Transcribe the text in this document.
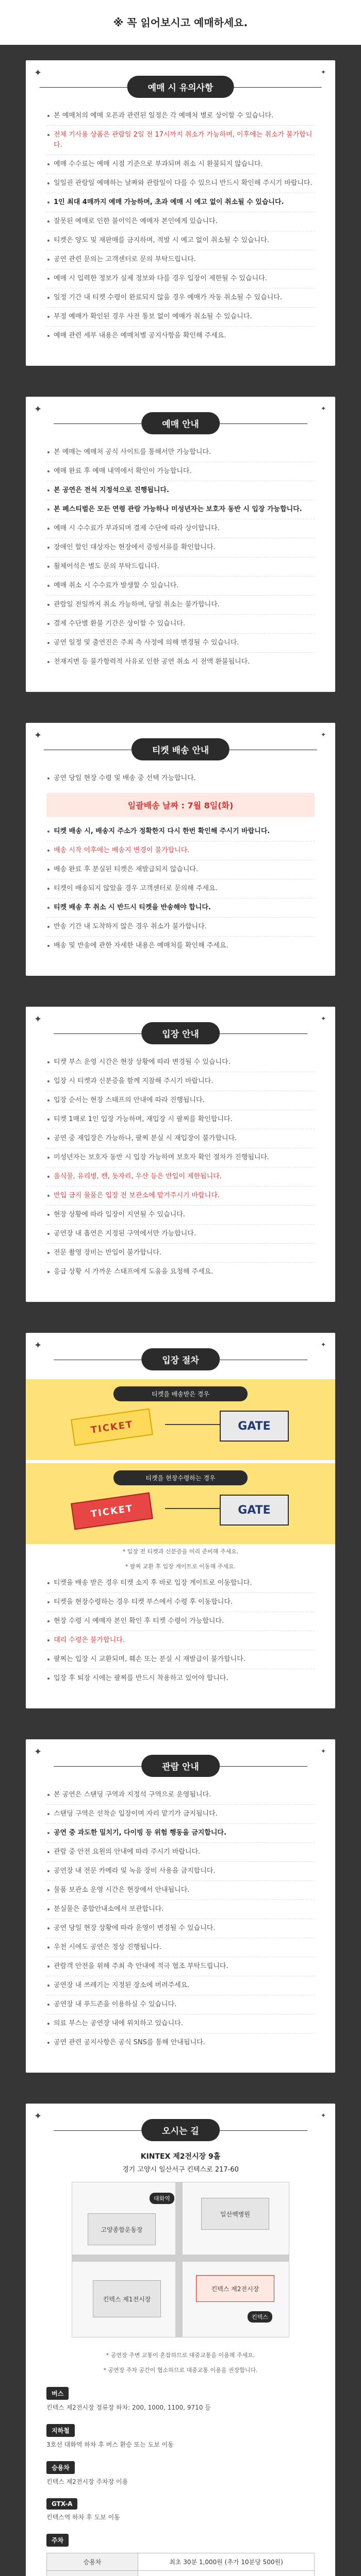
※ 꼭 읽어보시고 예매하세요.
✦	✦
예매 시 유의사항
본 예매처의 예매 오픈과 관련된 일정은 각 예매처 별로 상이할 수 있습니다.
전체 기사용 상품은 관람일 2일 전 17시까지 취소가 가능하며, 이후에는 취소가 불가합니다.
예매 수수료는 예매 시점 기준으로 부과되며 취소 시 환불되지 않습니다.
일일권 관람일 예매하는 날짜와 관람일이 다를 수 있으니 반드시 확인해 주시기 바랍니다.
1인 최대 4매까지 예매 가능하며, 초과 예매 시 예고 없이 취소될 수 있습니다.
잘못된 예매로 인한 불이익은 예매자 본인에게 있습니다.
티켓은 양도 및 재판매를 금지하며, 적발 시 예고 없이 취소될 수 있습니다.
공연 관련 문의는 고객센터로 문의 부탁드립니다.
예매 시 입력한 정보가 실제 정보와 다를 경우 입장이 제한될 수 있습니다.
일정 기간 내 티켓 수령이 완료되지 않을 경우 예매가 자동 취소될 수 있습니다.
부정 예매가 확인된 경우 사전 통보 없이 예매가 취소될 수 있습니다.
예매 관련 세부 내용은 예매처별 공지사항을 확인해 주세요.
✦	✦
예매 안내
본 예매는 예매처 공식 사이트를 통해서만 가능합니다.
예매 완료 후 예매 내역에서 확인이 가능합니다.
본 공연은 전석 지정석으로 진행됩니다.
본 페스티벌은 모든 연령 관람 가능하나 미성년자는 보호자 동반 시 입장 가능합니다.
예매 시 수수료가 부과되며 결제 수단에 따라 상이합니다.
장애인 할인 대상자는 현장에서 증빙서류를 확인합니다.
휠체어석은 별도 문의 부탁드립니다.
예매 취소 시 수수료가 발생할 수 있습니다.
관람일 전일까지 취소 가능하며, 당일 취소는 불가합니다.
결제 수단별 환불 기간은 상이할 수 있습니다.
공연 일정 및 출연진은 주최 측 사정에 의해 변경될 수 있습니다.
천재지변 등 불가항력적 사유로 인한 공연 취소 시 전액 환불됩니다.
✦	✦
티켓 배송 안내
공연 당일 현장 수령 및 배송 중 선택 가능합니다.
일괄배송 날짜 : 7월 8일(화)
티켓 배송 시, 배송지 주소가 정확한지 다시 한번 확인해 주시기 바랍니다.
배송 시작 이후에는 배송지 변경이 불가합니다.
배송 완료 후 분실된 티켓은 재발급되지 않습니다.
티켓이 배송되지 않았을 경우 고객센터로 문의해 주세요.
티켓 배송 후 취소 시 반드시 티켓을 반송해야 합니다.
반송 기간 내 도착하지 않은 경우 취소가 불가합니다.
배송 및 반송에 관한 자세한 내용은 예매처를 확인해 주세요.
✦	✦
입장 안내
티켓 부스 운영 시간은 현장 상황에 따라 변경될 수 있습니다.
입장 시 티켓과 신분증을 함께 지참해 주시기 바랍니다.
입장 순서는 현장 스태프의 안내에 따라 진행됩니다.
티켓 1매로 1인 입장 가능하며, 재입장 시 팔찌를 확인합니다.
공연 중 재입장은 가능하나, 팔찌 분실 시 재입장이 불가합니다.
미성년자는 보호자 동반 시 입장 가능하며 보호자 확인 절차가 진행됩니다.
음식물, 유리병, 캔, 돗자리, 우산 등은 반입이 제한됩니다.
반입 금지 물품은 입장 전 보관소에 맡겨주시기 바랍니다.
현장 상황에 따라 입장이 지연될 수 있습니다.
공연장 내 흡연은 지정된 구역에서만 가능합니다.
전문 촬영 장비는 반입이 불가합니다.
응급 상황 시 가까운 스태프에게 도움을 요청해 주세요.
✦	✦
입장 절차
티켓을 배송받은 경우
TICKET	GATE
티켓을 현장수령하는 경우
TICKET	GATE
* 입장 전 티켓과 신분증을 미리 준비해 주세요.
* 팔찌 교환 후 입장 게이트로 이동해 주세요.
티켓을 배송 받은 경우 티켓 소지 후 바로 입장 게이트로 이동합니다.
티켓을 현장수령하는 경우 티켓 부스에서 수령 후 이동합니다.
현장 수령 시 예매자 본인 확인 후 티켓 수령이 가능합니다.
대리 수령은 불가합니다.
팔찌는 입장 시 교환되며, 훼손 또는 분실 시 재발급이 불가합니다.
입장 후 퇴장 시에는 팔찌를 반드시 착용하고 있어야 합니다.
✦	✦
관람 안내
본 공연은 스탠딩 구역과 지정석 구역으로 운영됩니다.
스탠딩 구역은 선착순 입장이며 자리 맡기가 금지됩니다.
공연 중 과도한 밀치기, 다이빙 등 위험 행동을 금지합니다.
관람 중 안전 요원의 안내에 따라 주시기 바랍니다.
공연장 내 전문 카메라 및 녹음 장비 사용을 금지합니다.
물품 보관소 운영 시간은 현장에서 안내됩니다.
분실물은 종합안내소에서 보관합니다.
공연 당일 현장 상황에 따라 운영이 변경될 수 있습니다.
우천 시에도 공연은 정상 진행됩니다.
관람객 안전을 위해 주최 측 안내에 적극 협조 부탁드립니다.
공연장 내 쓰레기는 지정된 장소에 버려주세요.
공연장 내 푸드존을 이용하실 수 있습니다.
의료 부스는 공연장 내에 위치하고 있습니다.
공연 관련 공지사항은 공식 SNS를 통해 안내됩니다.
✦	✦
오시는 길
KINTEX 제2전시장 9홀
경기 고양시 일산서구 킨텍스로 217-60
대화역
일산백병원
고양종합운동장
킨텍스 제2전시장
킨텍스 제1전시장
킨텍스
* 공연장 주변 교통이 혼잡하므로 대중교통을 이용해 주세요.
* 공연장 주차 공간이 협소하므로 대중교통 이용을 권장합니다.
버스
킨텍스 제2전시장 정류장 하차: 200, 1000, 1100, 9710 등
지하철
3호선 대화역 하차 후 버스 환승 또는 도보 이동
승용차
킨텍스 제2전시장 주차장 이용
GTX-A
킨텍스역 하차 후 도보 이동
주차
승용차	최초 30분 1,000원 (추가 10분당 500원)
